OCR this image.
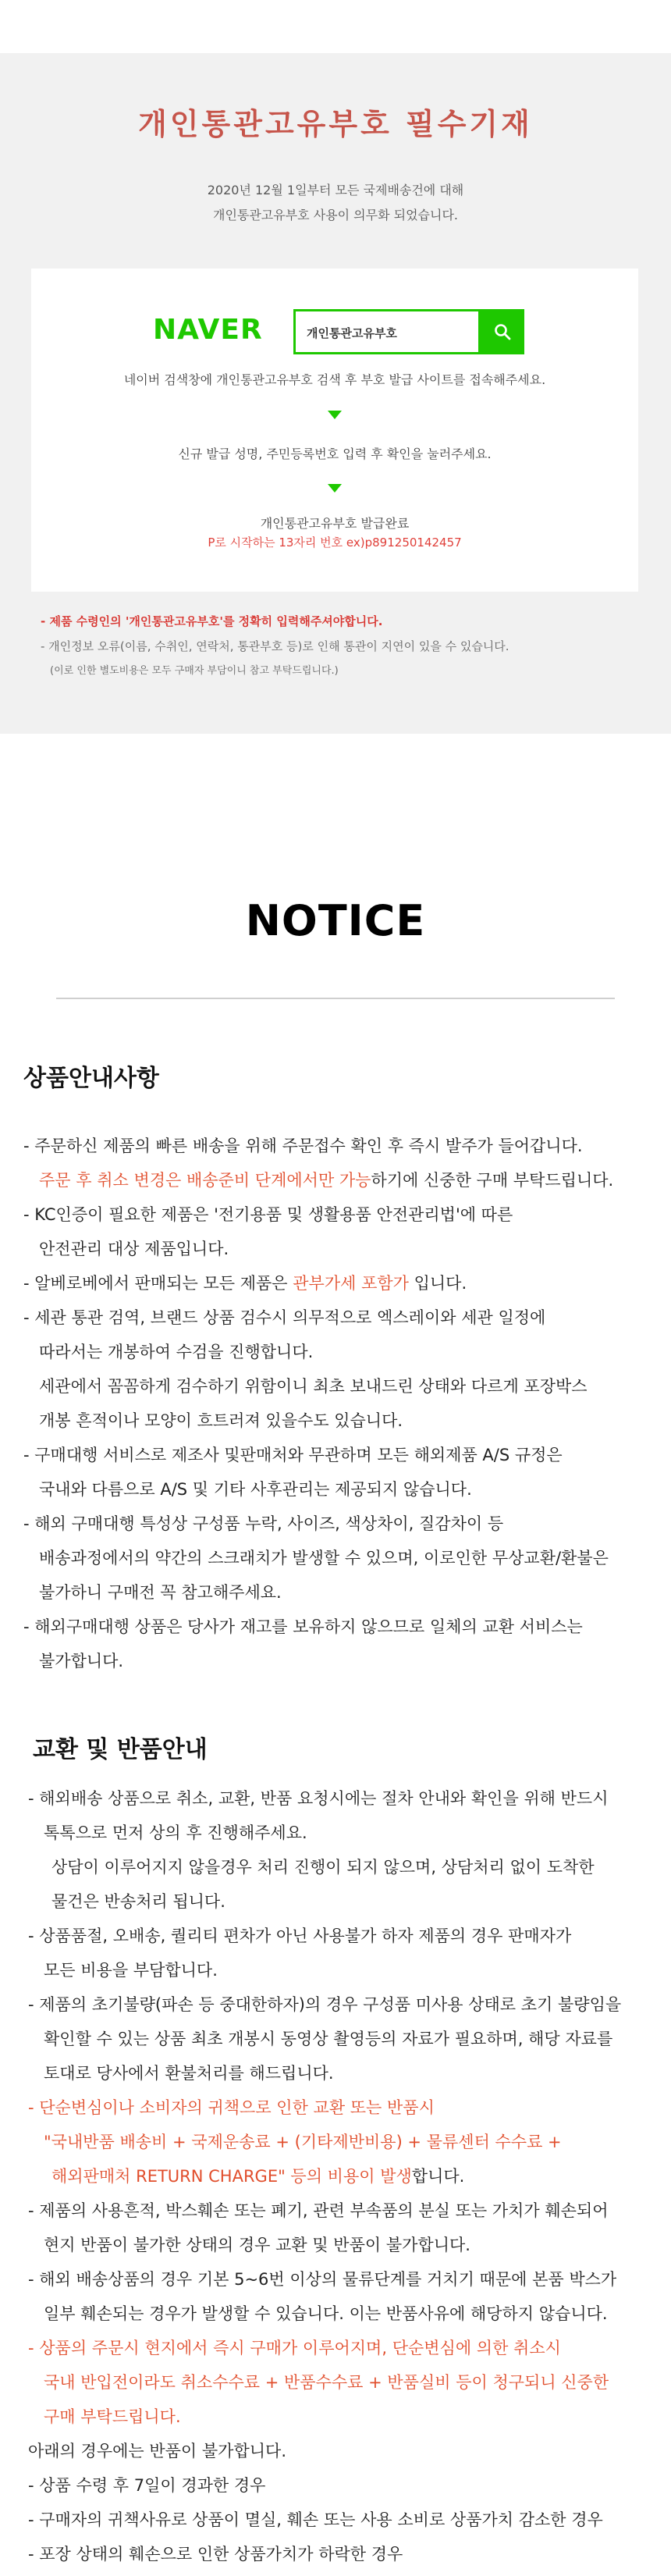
개인통관고유부호 필수기재
2020년 12월 1일부터 모든 국제배송건에 대해
개인통관고유부호 사용이 의무화 되었습니다.
NAVER	개인통관고유부호
네이버 검색창에 개인통관고유부호 검색 후 부호 발급 사이트를 접속해주세요.
신규 발급 성명, 주민등록번호 입력 후 확인을 눌러주세요.
개인통관고유부호 발급완료
P로 시작하는 13자리 번호 ex)p891250142457
- 제품 수령인의 '개인통관고유부호'를 정확히 입력해주셔야합니다.
- 개인정보 오류(이름, 수취인, 연락처, 통관부호 등)로 인해 통관이 지연이 있을 수 있습니다.
(이로 인한 별도비용은 모두 구매자 부담이니 참고 부탁드립니다.)
NOTICE
상품안내사항
- 주문하신 제품의 빠른 배송을 위해 주문접수 확인 후 즉시 발주가 들어갑니다.
주문 후 취소 변경은 배송준비 단계에서만 가능하기에 신중한 구매 부탁드립니다.
- KC인증이 필요한 제품은 '전기용품 및 생활용품 안전관리법'에 따른
안전관리 대상 제품입니다.
- 알베로베에서 판매되는 모든 제품은 관부가세 포함가 입니다.
- 세관 통관 검역, 브랜드 상품 검수시 의무적으로 엑스레이와 세관 일정에
따라서는 개봉하여 수검을 진행합니다.
세관에서 꼼꼼하게 검수하기 위함이니 최초 보내드린 상태와 다르게 포장박스
개봉 흔적이나 모양이 흐트러져 있을수도 있습니다.
- 구매대행 서비스로 제조사 및판매처와 무관하며 모든 해외제품 A/S 규정은
국내와 다름으로 A/S 및 기타 사후관리는 제공되지 않습니다.
- 해외 구매대행 특성상 구성품 누락, 사이즈, 색상차이, 질감차이 등
배송과정에서의 약간의 스크래치가 발생할 수 있으며, 이로인한 무상교환/환불은
불가하니 구매전 꼭 참고해주세요.
- 해외구매대행 상품은 당사가 재고를 보유하지 않으므로 일체의 교환 서비스는
불가합니다.
교환 및 반품안내
- 해외배송 상품으로 취소, 교환, 반품 요청시에는 절차 안내와 확인을 위해 반드시
톡톡으로 먼저 상의 후 진행해주세요.
상담이 이루어지지 않을경우 처리 진행이 되지 않으며, 상담처리 없이 도착한
물건은 반송처리 됩니다.
- 상품품절, 오배송, 퀄리티 편차가 아닌 사용불가 하자 제품의 경우 판매자가
모든 비용을 부담합니다.
- 제품의 초기불량(파손 등 중대한하자)의 경우 구성품 미사용 상태로 초기 불량임을
확인할 수 있는 상품 최초 개봉시 동영상 촬영등의 자료가 필요하며, 해당 자료를
토대로 당사에서 환불처리를 해드립니다.
- 단순변심이나 소비자의 귀책으로 인한 교환 또는 반품시
"국내반품 배송비 + 국제운송료 + (기타제반비용) + 물류센터 수수료 +
해외판매처 RETURN CHARGE" 등의 비용이 발생합니다.
- 제품의 사용흔적, 박스훼손 또는 폐기, 관련 부속품의 분실 또는 가치가 훼손되어
현지 반품이 불가한 상태의 경우 교환 및 반품이 불가합니다.
- 해외 배송상품의 경우 기본 5~6번 이상의 물류단계를 거치기 때문에 본품 박스가
일부 훼손되는 경우가 발생할 수 있습니다. 이는 반품사유에 해당하지 않습니다.
- 상품의 주문시 현지에서 즉시 구매가 이루어지며, 단순변심에 의한 취소시
국내 반입전이라도 취소수수료 + 반품수수료 + 반품실비 등이 청구되니 신중한
구매 부탁드립니다.
아래의 경우에는 반품이 불가합니다.
- 상품 수령 후 7일이 경과한 경우
- 구매자의 귀책사유로 상품이 멸실, 훼손 또는 사용 소비로 상품가치 감소한 경우
- 포장 상태의 훼손으로 인한 상품가치가 하락한 경우
